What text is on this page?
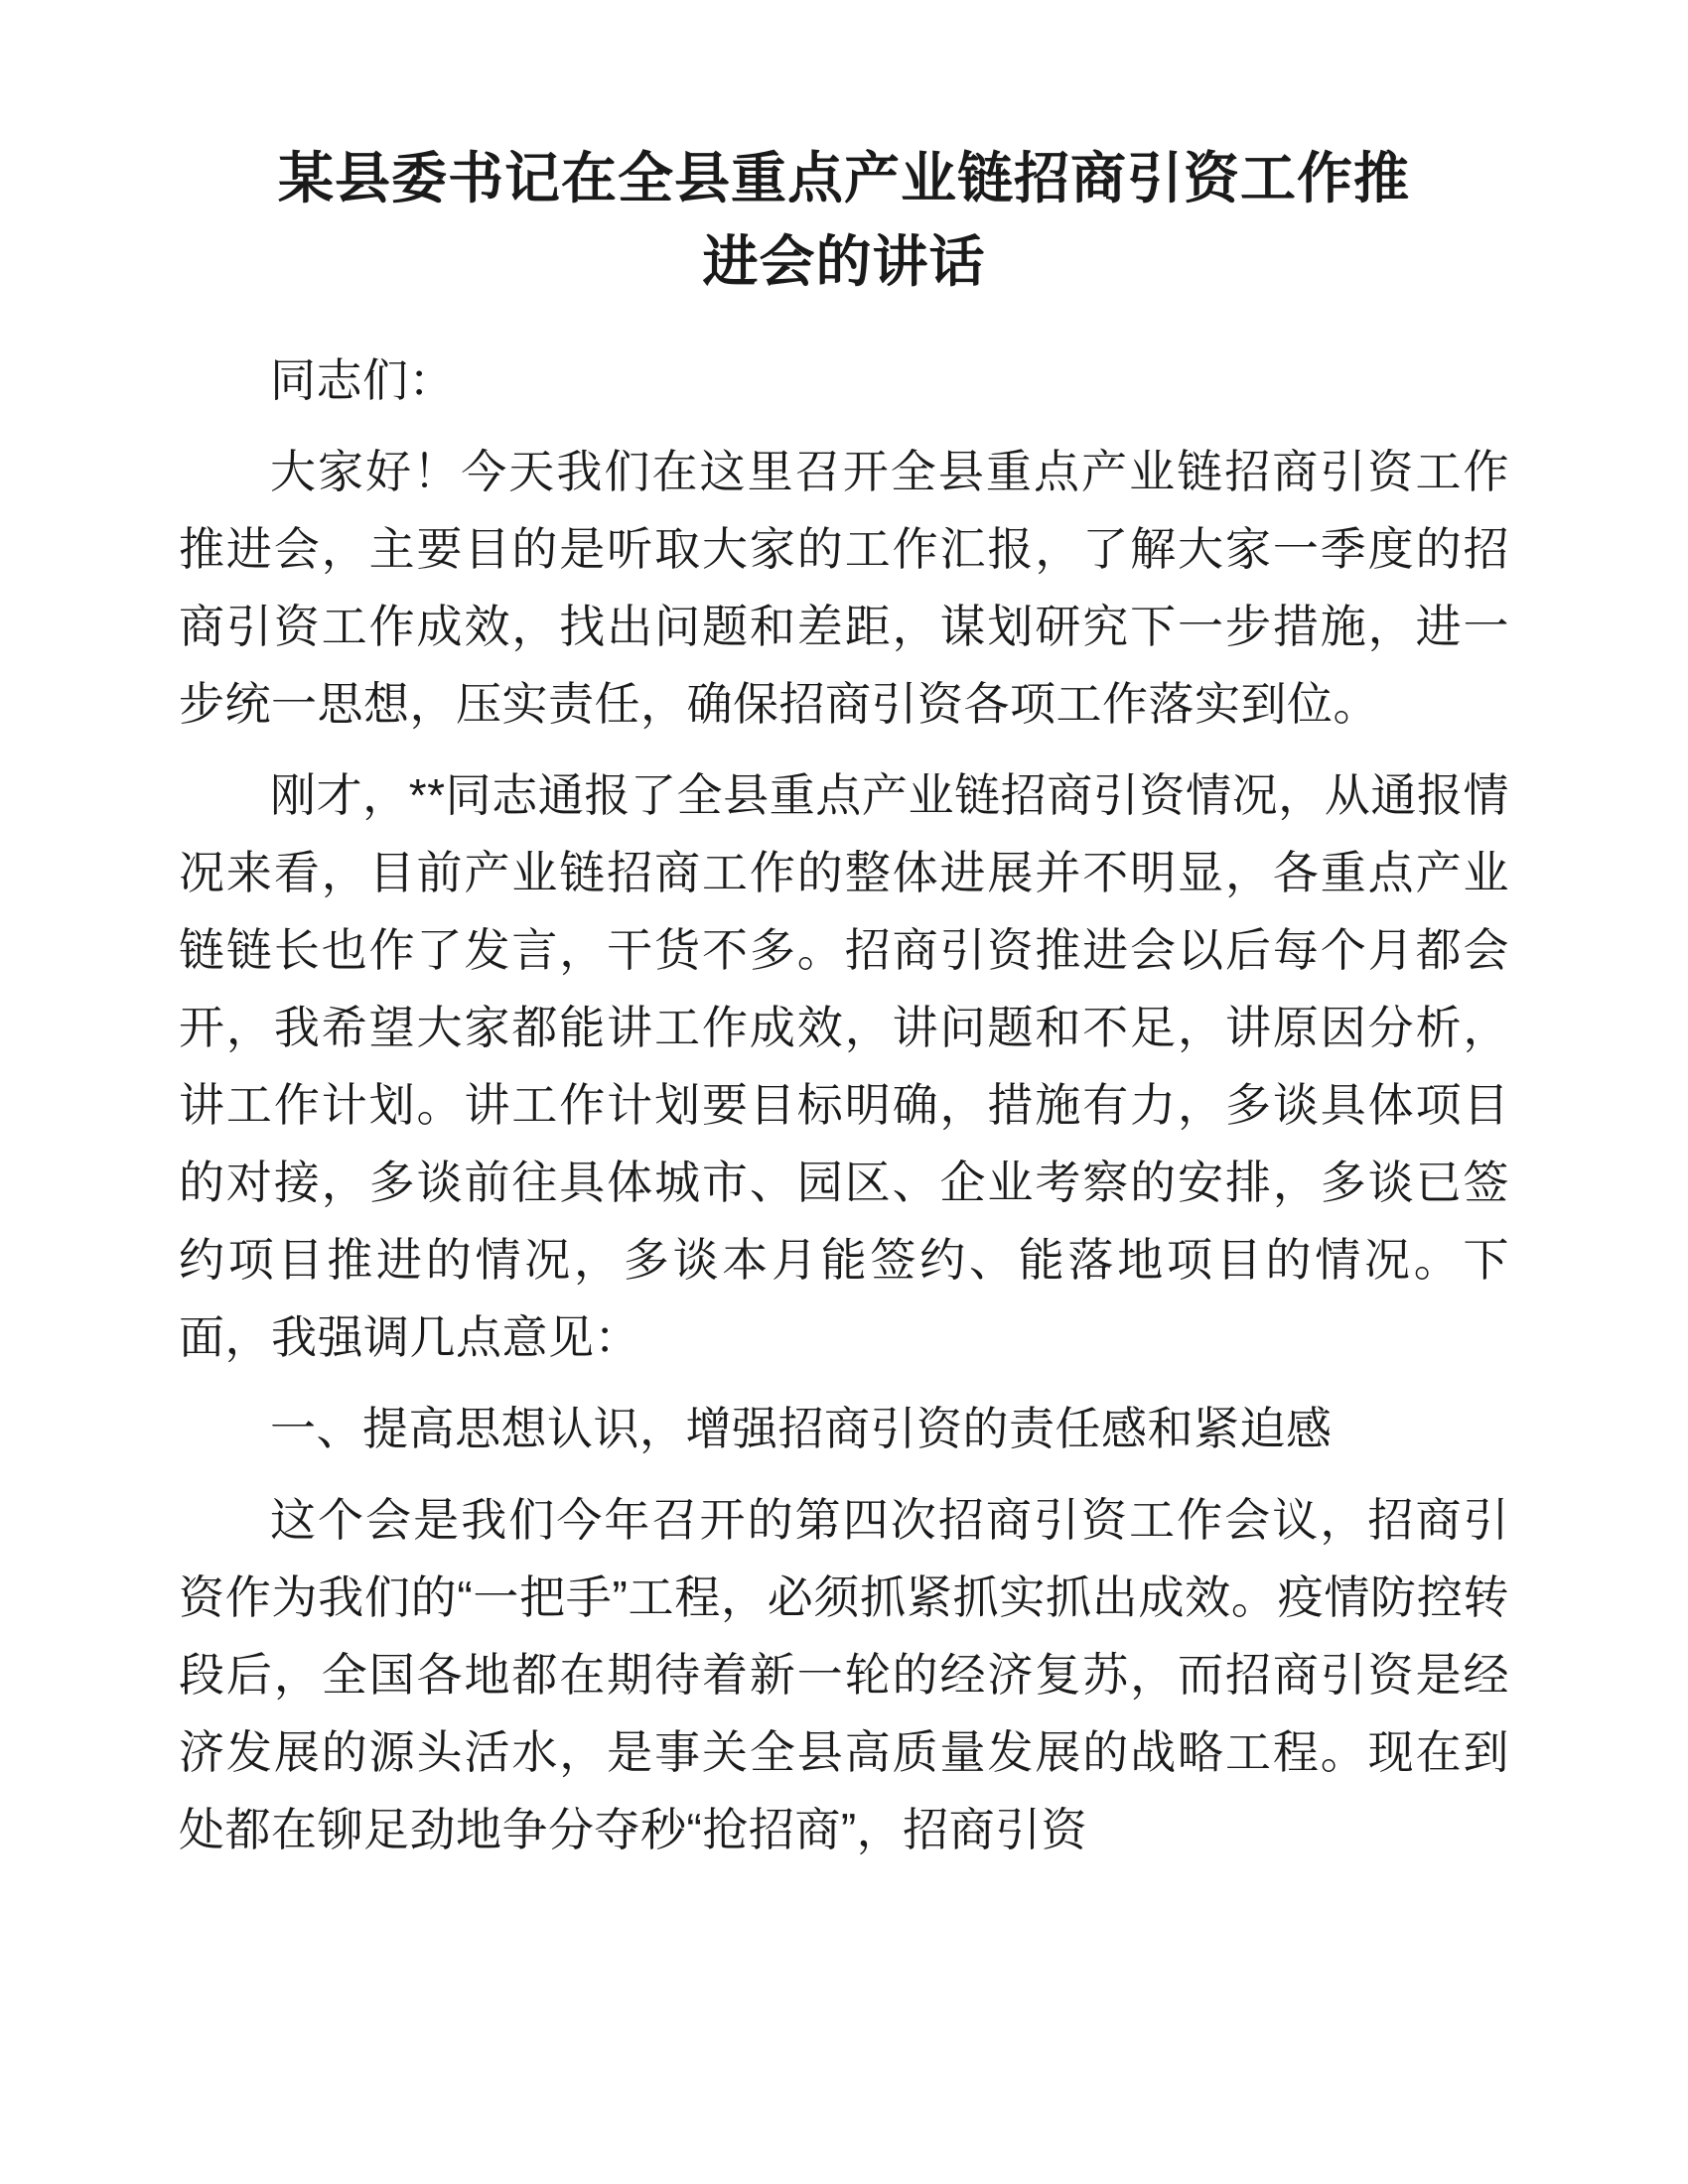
某县委书记在全县重点产业链招商引资工作推进会的讲话

同志们：

大家好！今天我们在这里召开全县重点产业链招商引资工作推进会，主要目的是听取大家的工作汇报，了解大家一季度的招商引资工作成效，找出问题和差距，谋划研究下一步措施，进一步统一思想，压实责任，确保招商引资各项工作落实到位。

刚才，**同志通报了全县重点产业链招商引资情况，从通报情况来看，目前产业链招商工作的整体进展并不明显，各重点产业链链长也作了发言，干货不多。招商引资推进会以后每个月都会开，我希望大家都能讲工作成效，讲问题和不足，讲原因分析，讲工作计划。讲工作计划要目标明确，措施有力，多谈具体项目的对接，多谈前往具体城市、园区、企业考察的安排，多谈已签约项目推进的情况，多谈本月能签约、能落地项目的情况。下面，我强调几点意见：

一、提高思想认识，增强招商引资的责任感和紧迫感

这个会是我们今年召开的第四次招商引资工作会议，招商引资作为我们的“一把手”工程，必须抓紧抓实抓出成效。疫情防控转段后，全国各地都在期待着新一轮的经济复苏，而招商引资是经济发展的源头活水，是事关全县高质量发展的战略工程。现在到处都在铆足劲地争分夺秒“抢招商”，招商引资
